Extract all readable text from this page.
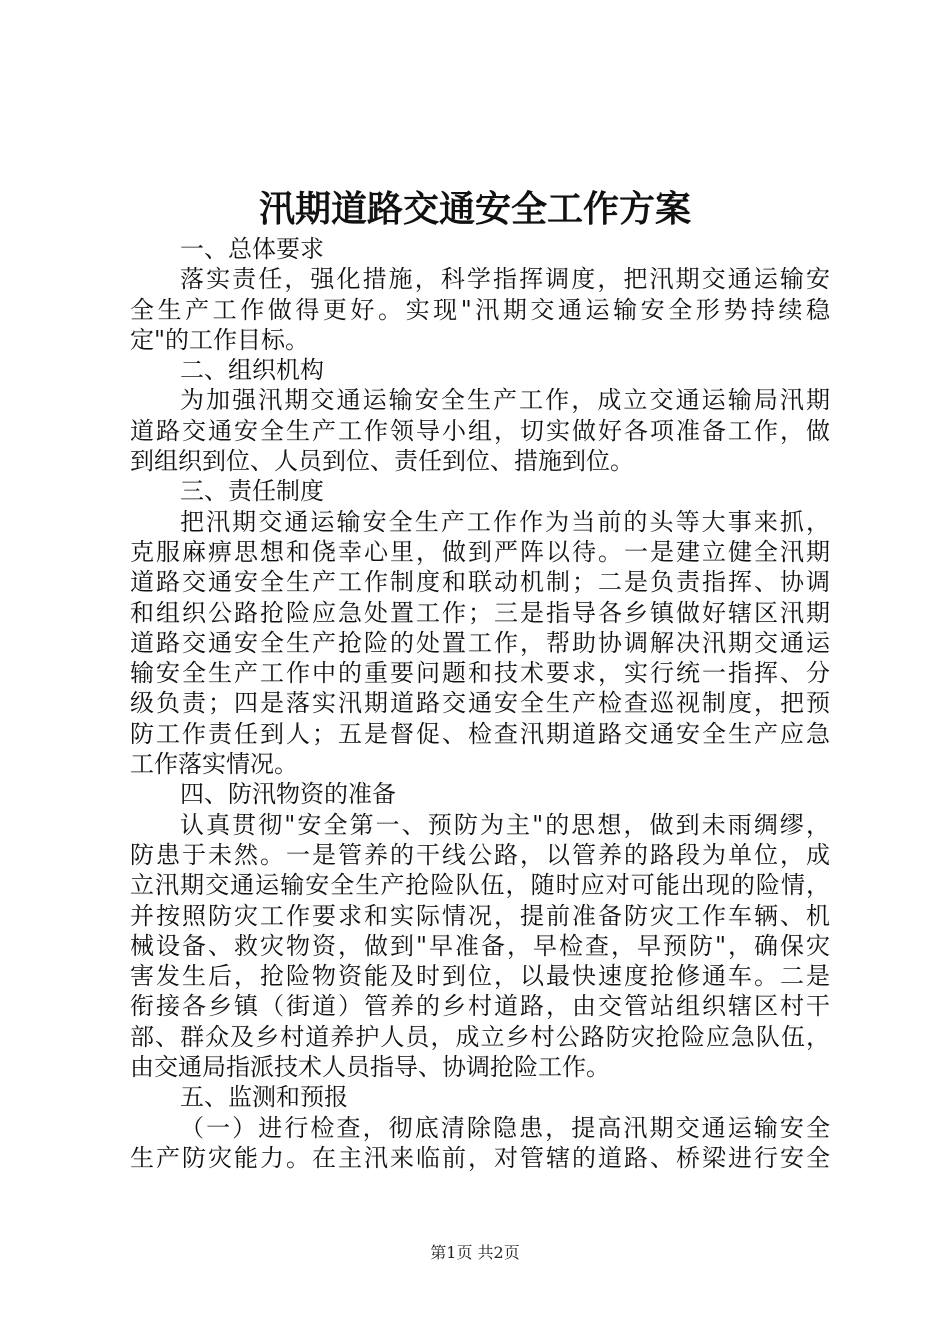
汛期道路交通安全工作方案
一、总体要求
落实责任，强化措施，科学指挥调度，把汛期交通运输安
全生产工作做得更好。实现"汛期交通运输安全形势持续稳
定"的工作目标。
二、组织机构
为加强汛期交通运输安全生产工作，成立交通运输局汛期
道路交通安全生产工作领导小组，切实做好各项准备工作，做
到组织到位、人员到位、责任到位、措施到位。
三、责任制度
把汛期交通运输安全生产工作作为当前的头等大事来抓，
克服麻痹思想和侥幸心里，做到严阵以待。一是建立健全汛期
道路交通安全生产工作制度和联动机制；二是负责指挥、协调
和组织公路抢险应急处置工作；三是指导各乡镇做好辖区汛期
道路交通安全生产抢险的处置工作，帮助协调解决汛期交通运
输安全生产工作中的重要问题和技术要求，实行统一指挥、分
级负责；四是落实汛期道路交通安全生产检查巡视制度，把预
防工作责任到人；五是督促、检查汛期道路交通安全生产应急
工作落实情况。
四、防汛物资的准备
认真贯彻"安全第一、预防为主"的思想，做到未雨绸缪，
防患于未然。一是管养的干线公路，以管养的路段为单位，成
立汛期交通运输安全生产抢险队伍，随时应对可能出现的险情，
并按照防灾工作要求和实际情况，提前准备防灾工作车辆、机
械设备、救灾物资，做到"早准备，早检查，早预防"，确保灾
害发生后，抢险物资能及时到位，以最快速度抢修通车。二是
衔接各乡镇（街道）管养的乡村道路，由交管站组织辖区村干
部、群众及乡村道养护人员，成立乡村公路防灾抢险应急队伍，
由交通局指派技术人员指导、协调抢险工作。
五、监测和预报
（一）进行检查，彻底清除隐患，提高汛期交通运输安全
生产防灾能力。在主汛来临前，对管辖的道路、桥梁进行安全
第1页 共2页
